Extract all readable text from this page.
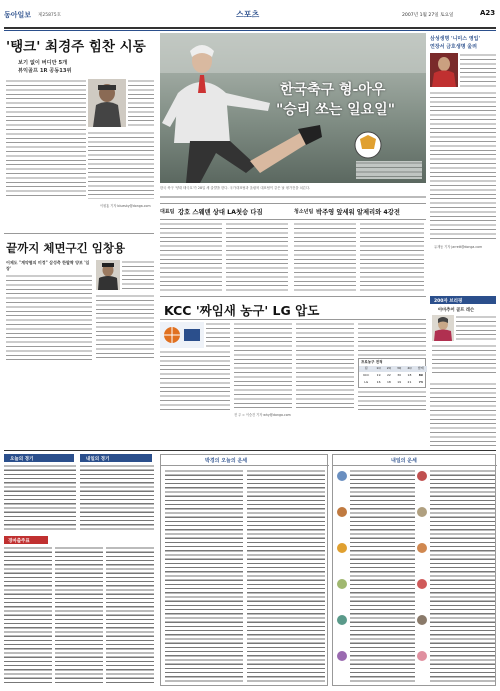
동아일보 제25875호	스포츠	2007년 1월 27일 토요일	A23
'탱크' 최경주 힘찬 시동
보기 없이 버디만 5개
뷰익골프 1R 공동13위
이원홍 기자 bluesky@donga.com
한국축구 형-아우
"승리 쏘는 일요일"
한국 축구 '양대 태극호'가 28일 새 출발을 한다. 국가대표팀과 올림픽 대표팀이 같은 날 평가전을 치른다.
삼성생명 '니미스 영입'
연장서 금호생명 울려
유재동 기자 jarrett@donga.com
대표팀 강호 스웨덴 상대 LA첫승 다짐	청소년팀 박주영 앞세워 알제리와 4강전
끝까지 체면구긴 임창용
어제도 "계약협의 미정" 삼성측 한발짝 양보 '입장'
200자 브리핑
아마추어 골프 레슨
KCC '짜임새 농구' LG 압도
프로농구 전적
팀	1Q	2Q	3Q	4Q	합계
KCC	19	22	30	18	89
LG	16	18	19	21	74
전 주 = 이승건 기자 why@donga.com
오늘의 경기	내일의 경기
경마출주표
박경의 오늘의 운세	내일의 운세
